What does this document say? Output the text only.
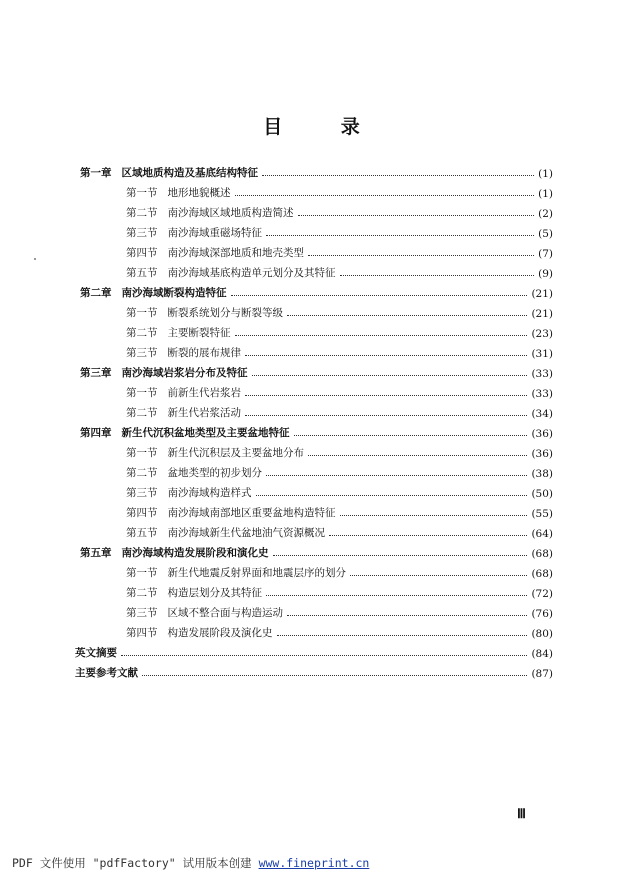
目 录
第一章 区域地质构造及基底结构特征	(1)
第一节 地形地貌概述	(1)
第二节 南沙海域区域地质构造简述	(2)
第三节 南沙海域重磁场特征	(5)
第四节 南沙海域深部地质和地壳类型	(7)
第五节 南沙海域基底构造单元划分及其特征	(9)
第二章 南沙海域断裂构造特征	(21)
第一节 断裂系统划分与断裂等级	(21)
第二节 主要断裂特征	(23)
第三节 断裂的展布规律	(31)
第三章 南沙海域岩浆岩分布及特征	(33)
第一节 前新生代岩浆岩	(33)
第二节 新生代岩浆活动	(34)
第四章 新生代沉积盆地类型及主要盆地特征	(36)
第一节 新生代沉积层及主要盆地分布	(36)
第二节 盆地类型的初步划分	(38)
第三节 南沙海域构造样式	(50)
第四节 南沙海域南部地区重要盆地构造特征	(55)
第五节 南沙海域新生代盆地油气资源概况	(64)
第五章 南沙海域构造发展阶段和演化史	(68)
第一节 新生代地震反射界面和地震层序的划分	(68)
第二节 构造层划分及其特征	(72)
第三节 区域不整合面与构造运动	(76)
第四节 构造发展阶段及演化史	(80)
英文摘要	(84)
主要参考文献	(87)
Ⅲ
PDF 文件使用 "pdfFactory" 试用版本创建 www.fineprint.cn
